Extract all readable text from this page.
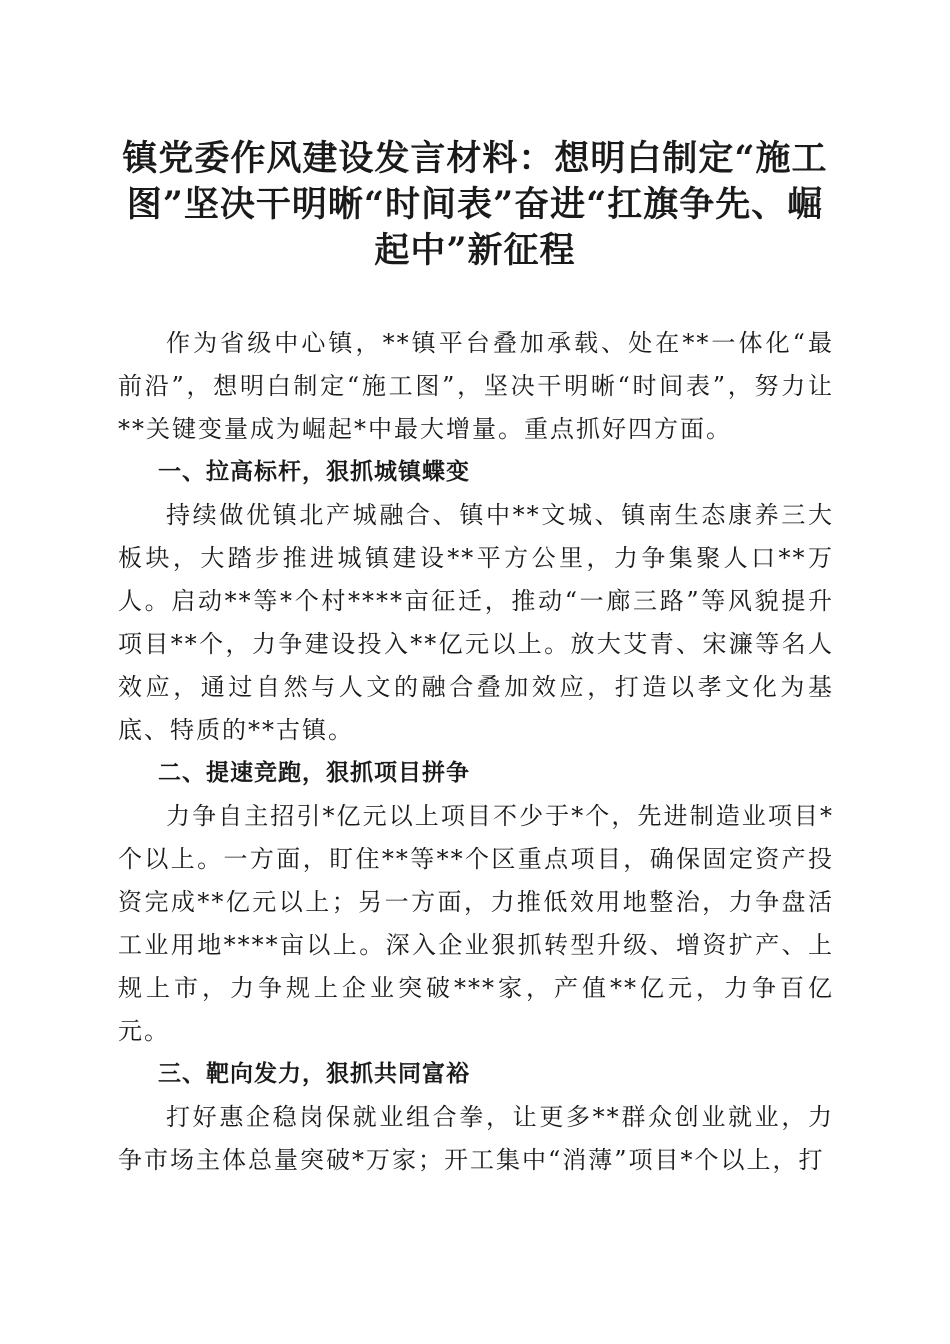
镇党委作风建设发言材料：想明白制定“施工图”坚决干明晰“时间表”奋进“扛旗争先、崛起中”新征程

作为省级中心镇，**镇平台叠加承载、处在**一体化“最前沿”，想明白制定“施工图”，坚决干明晰“时间表”，努力让**关键变量成为崛起*中最大增量。重点抓好四方面。

一、拉高标杆，狠抓城镇蝶变

持续做优镇北产城融合、镇中**文城、镇南生态康养三大板块，大踏步推进城镇建设**平方公里，力争集聚人口**万人。启动**等*个村****亩征迁，推动“一廊三路”等风貌提升项目**个，力争建设投入**亿元以上。放大艾青、宋濂等名人效应，通过自然与人文的融合叠加效应，打造以孝文化为基底、特质的**古镇。

二、提速竞跑，狠抓项目拼争

力争自主招引*亿元以上项目不少于*个，先进制造业项目*个以上。一方面，盯住**等**个区重点项目，确保固定资产投资完成**亿元以上；另一方面，力推低效用地整治，力争盘活工业用地****亩以上。深入企业狠抓转型升级、增资扩产、上规上市，力争规上企业突破***家，产值**亿元，力争百亿元。

三、靶向发力，狠抓共同富裕

打好惠企稳岗保就业组合拳，让更多**群众创业就业，力争市场主体总量突破*万家；开工集中“消薄”项目*个以上，打
